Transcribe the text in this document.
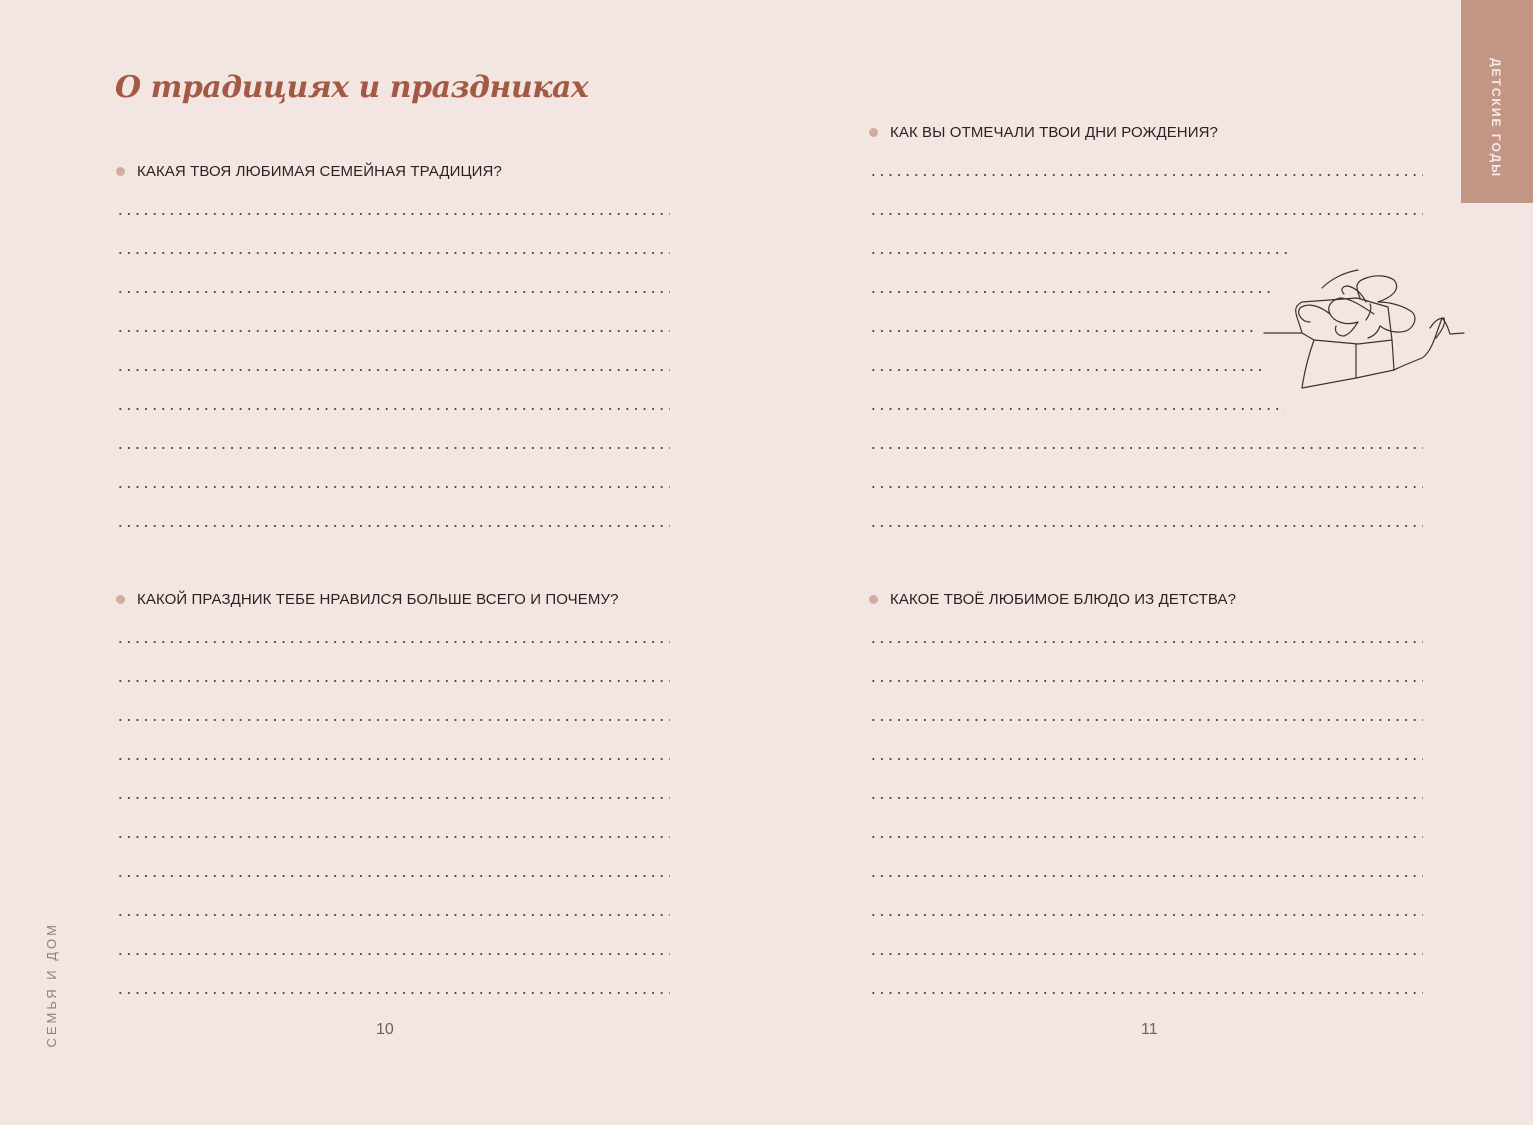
О традициях и праздниках	ДЕТСКИЕ ГОДЫ
КАКАЯ ТВОЯ ЛЮБИМАЯ СЕМЕЙНАЯ ТРАДИЦИЯ?
КАКОЙ ПРАЗДНИК ТЕБЕ НРАВИЛСЯ БОЛЬШЕ ВСЕГО И ПОЧЕМУ?
КАК ВЫ ОТМЕЧАЛИ ТВОИ ДНИ РОЖДЕНИЯ?
КАКОЕ ТВОЁ ЛЮБИМОЕ БЛЮДО ИЗ ДЕТСТВА?
СЕМЬЯ И ДОМ	10	11
